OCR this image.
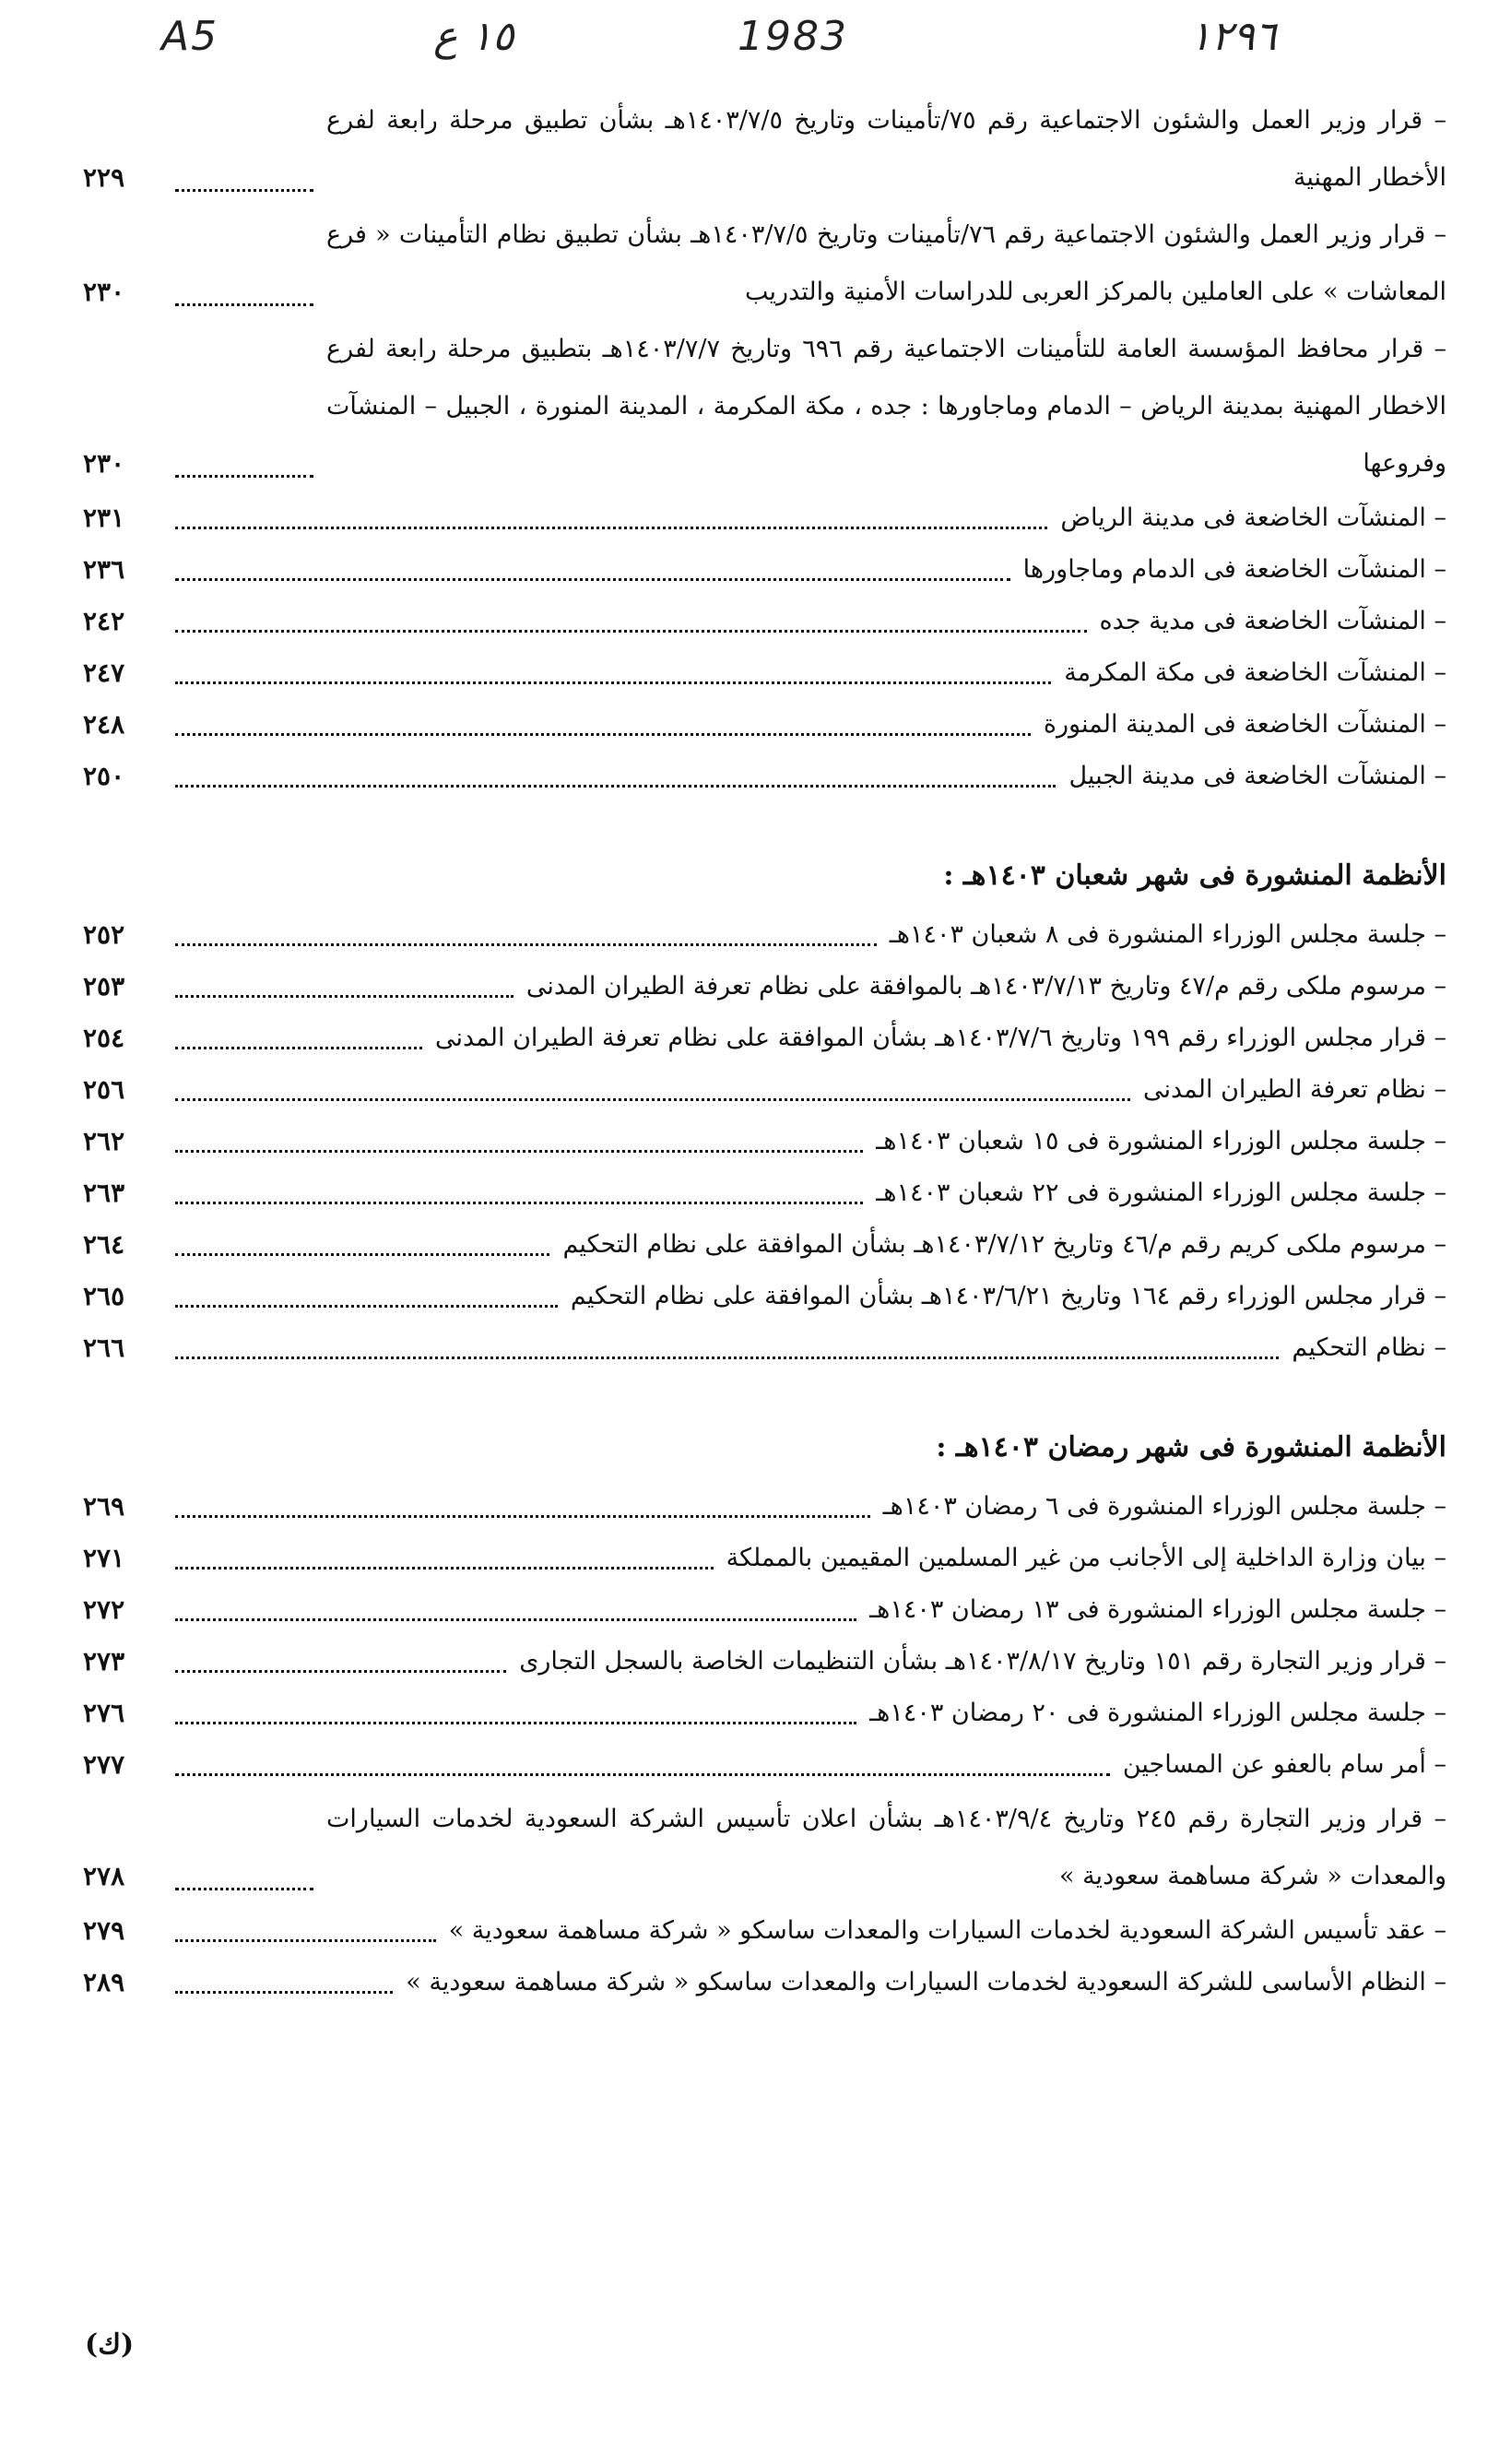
A5	١٥ ع	1983	١٢٩٦
– قرار وزير العمل والشئون الاجتماعية رقم ٧٥/تأمينات وتاريخ ١٤٠٣/٧/٥هـ بشأن تطبيق مرحلة رابعة لفرع الأخطار المهنية
٢٢٩
– قرار وزير العمل والشئون الاجتماعية رقم ٧٦/تأمينات وتاريخ ١٤٠٣/٧/٥هـ بشأن تطبيق نظام التأمينات « فرع المعاشات » على العاملين بالمركز العربى للدراسات الأمنية والتدريب
٢٣٠
– قرار محافظ المؤسسة العامة للتأمينات الاجتماعية رقم ٦٩٦ وتاريخ ١٤٠٣/٧/٧هـ بتطبيق مرحلة رابعة لفرع الاخطار المهنية بمدينة الرياض – الدمام وماجاورها : جده ، مكة المكرمة ، المدينة المنورة ، الجبيل – المنشآت وفروعها
٢٣٠
– المنشآت الخاضعة فى مدينة الرياض
٢٣١
– المنشآت الخاضعة فى الدمام وماجاورها
٢٣٦
– المنشآت الخاضعة فى مدية جده
٢٤٢
– المنشآت الخاضعة فى مكة المكرمة
٢٤٧
– المنشآت الخاضعة فى المدينة المنورة
٢٤٨
– المنشآت الخاضعة فى مدينة الجبيل
٢٥٠
الأنظمة المنشورة فى شهر شعبان ١٤٠٣هـ :
– جلسة مجلس الوزراء المنشورة فى ٨ شعبان ١٤٠٣هـ
٢٥٢
– مرسوم ملكى رقم م/٤٧ وتاريخ ١٤٠٣/٧/١٣هـ بالموافقة على نظام تعرفة الطيران المدنى
٢٥٣
– قرار مجلس الوزراء رقم ١٩٩ وتاريخ ١٤٠٣/٧/٦هـ بشأن الموافقة على نظام تعرفة الطيران المدنى
٢٥٤
– نظام تعرفة الطيران المدنى
٢٥٦
– جلسة مجلس الوزراء المنشورة فى ١٥ شعبان ١٤٠٣هـ
٢٦٢
– جلسة مجلس الوزراء المنشورة فى ٢٢ شعبان ١٤٠٣هـ
٢٦٣
– مرسوم ملكى كريم رقم م/٤٦ وتاريخ ١٤٠٣/٧/١٢هـ بشأن الموافقة على نظام التحكيم
٢٦٤
– قرار مجلس الوزراء رقم ١٦٤ وتاريخ ١٤٠٣/٦/٢١هـ بشأن الموافقة على نظام التحكيم
٢٦٥
– نظام التحكيم
٢٦٦
الأنظمة المنشورة فى شهر رمضان ١٤٠٣هـ :
– جلسة مجلس الوزراء المنشورة فى ٦ رمضان ١٤٠٣هـ
٢٦٩
– بيان وزارة الداخلية إلى الأجانب من غير المسلمين المقيمين بالمملكة
٢٧١
– جلسة مجلس الوزراء المنشورة فى ١٣ رمضان ١٤٠٣هـ
٢٧٢
– قرار وزير التجارة رقم ١٥١ وتاريخ ١٤٠٣/٨/١٧هـ بشأن التنظيمات الخاصة بالسجل التجارى
٢٧٣
– جلسة مجلس الوزراء المنشورة فى ٢٠ رمضان ١٤٠٣هـ
٢٧٦
– أمر سام بالعفو عن المساجين
٢٧٧
– قرار وزير التجارة رقم ٢٤٥ وتاريخ ١٤٠٣/٩/٤هـ بشأن اعلان تأسيس الشركة السعودية لخدمات السيارات والمعدات « شركة مساهمة سعودية »
٢٧٨
– عقد تأسيس الشركة السعودية لخدمات السيارات والمعدات ساسكو « شركة مساهمة سعودية »
٢٧٩
– النظام الأساسى للشركة السعودية لخدمات السيارات والمعدات ساسكو « شركة مساهمة سعودية »
٢٨٩
(ك)
